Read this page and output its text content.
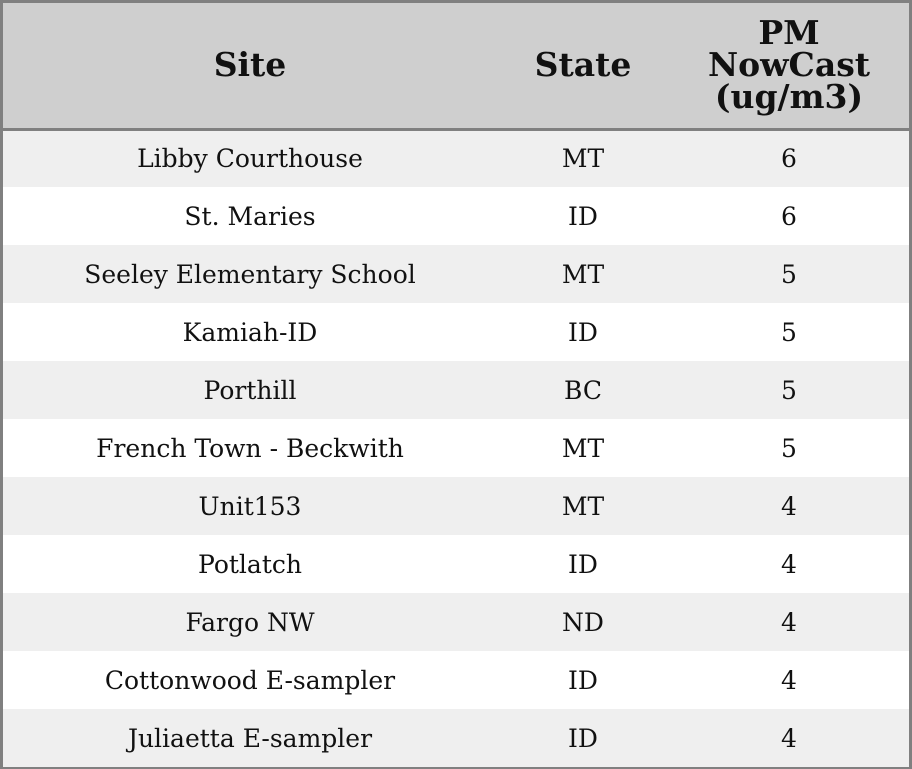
Site	State	PM
NowCast
(ug/m3)

Libby Courthouse	MT	6
St. Maries	ID	6
Seeley Elementary School	MT	5
Kamiah-ID	ID	5
Porthill	BC	5
French Town - Beckwith	MT	5
Unit153	MT	4
Potlatch	ID	4
Fargo NW	ND	4
Cottonwood E-sampler	ID	4
Juliaetta E-sampler	ID	4
